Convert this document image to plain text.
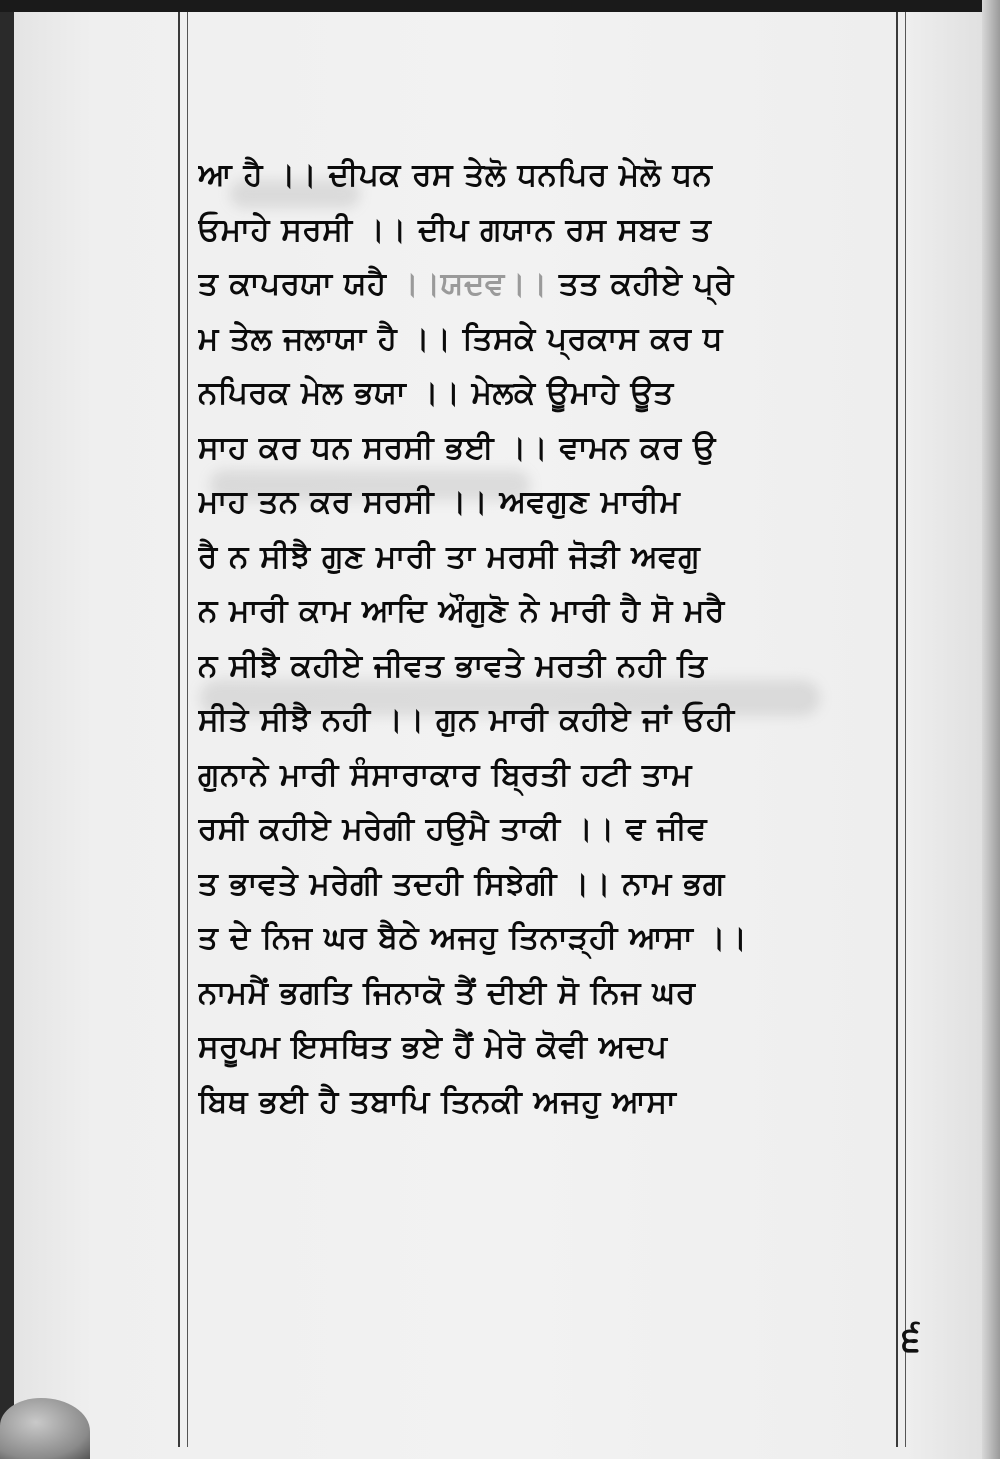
ਆ ਹੈ ।। ਦੀਪਕ ਰਸ ਤੇਲੋ ਧਨਪਿਰ ਮੇਲੋ ਧਨ
ਓਮਾਹੇ ਸਰਸੀ ।। ਦੀਪ ਗਯਾਨ ਰਸ ਸਬਦ ਤ
ਤ ਕਾਪਰਯਾ ਯਹੈ ।।ਯਦਵ।। ਤਤ ਕਹੀਏ ਪ੍ਰੇ
ਮ ਤੇਲ ਜਲਾਯਾ ਹੈ ।। ਤਿਸਕੇ ਪ੍ਰਕਾਸ ਕਰ ਧ
ਨਪਿਰਕ ਮੇਲ ਭਯਾ ।। ਮੇਲਕੇ ਊਮਾਹੇ ਊਤ
ਸਾਹ ਕਰ ਧਨ ਸਰਸੀ ਭਈ ।। ਵਾਮਨ ਕਰ ਉ
ਮਾਹ ਤਨ ਕਰ ਸਰਸੀ ।। ਅਵਗੁਣ ਮਾਰੀਮ
ਰੈ ਨ ਸੀਝੈ ਗੁਣ ਮਾਰੀ ਤਾ ਮਰਸੀ ਜੋੜੀ ਅਵਗੁ
ਨ ਮਾਰੀ ਕਾਮ ਆਦਿ ਔਗੁਣੋ ਨੇ ਮਾਰੀ ਹੈ ਸੋ ਮਰੈ
ਨ ਸੀਝੈ ਕਹੀਏ ਜੀਵਤ ਭਾਵਤੇ ਮਰਤੀ ਨਹੀ ਤਿ
ਸੀਤੇ ਸੀਝੈ ਨਹੀ ।। ਗੁਨ ਮਾਰੀ ਕਹੀਏ ਜਾਂ ਓਹੀ
ਗੁਨਾਨੇ ਮਾਰੀ ਸੰਸਾਰਾਕਾਰ ਬ੍ਰਿਤੀ ਹਟੀ ਤਾਮ
ਰਸੀ ਕਹੀਏ ਮਰੇਗੀ ਹਉਮੈ ਤਾਕੀ ।। ਵ ਜੀਵ
ਤ ਭਾਵਤੇ ਮਰੇਗੀ ਤਦਹੀ ਸਿਝੇਗੀ ।। ਨਾਮ ਭਗ
ਤ ਦੇ ਨਿਜ ਘਰ ਬੈਠੇ ਅਜਹੁ ਤਿਨਾੜ੍ਹੀ ਆਸਾ ।।
ਨਾਮਮੈਂ ਭਗਤਿ ਜਿਨਾਕੋ ਤੈਂ ਦੀਈ ਸੋ ਨਿਜ ਘਰ
ਸਰੂਪਮ ਇਸਥਿਤ ਭਏ ਹੈਂ ਮੇਰੋ ਕੋਵੀ ਅਦਪ
ਬਿਥ ਭਈ ਹੈ ਤਬਾਪਿ ਤਿਨਕੀ ਅਜਹੁ ਆਸਾ
੬
